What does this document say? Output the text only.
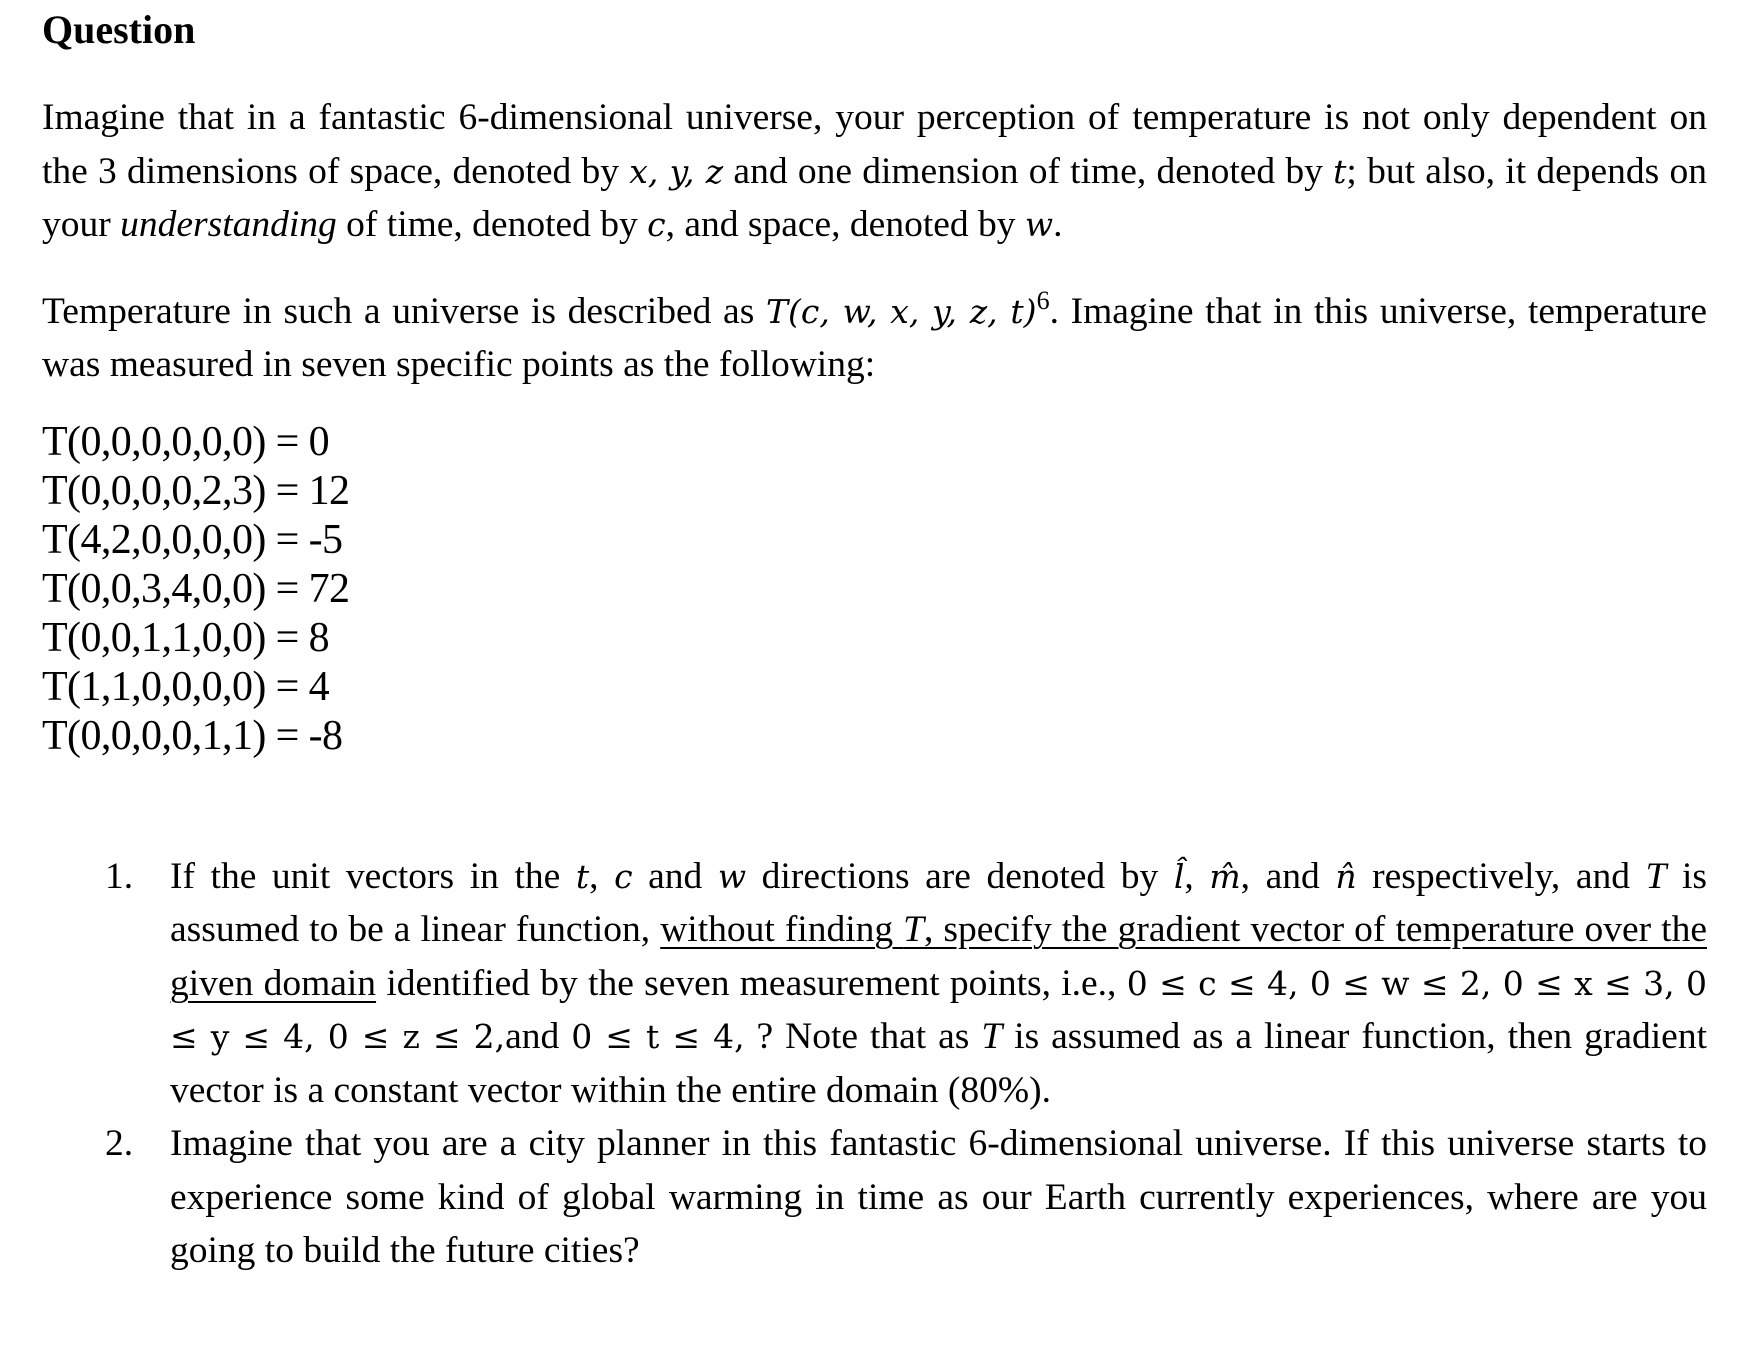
Question

Imagine that in a fantastic 6-dimensional universe, your perception of temperature is not only dependent on the 3 dimensions of space, denoted by x, y, z and one dimension of time, denoted by t; but also, it depends on your understanding of time, denoted by c, and space, denoted by w.

Temperature in such a universe is described as T(c, w, x, y, z, t)$^6$. Imagine that in this universe, temperature was measured in seven specific points as the following:

T(0,0,0,0,0,0) = 0
T(0,0,0,0,2,3) = 12
T(4,2,0,0,0,0) = -5
T(0,0,3,4,0,0) = 72
T(0,0,1,1,0,0) = 8
T(1,1,0,0,0,0) = 4
T(0,0,0,0,1,1) = -8
1. If the unit vectors in the t, c and w directions are denoted by l̂, m̂, and n̂ respectively, and T is assumed to be a linear function, without finding T, specify the gradient vector of temperature over the given domain identified by the seven measurement points, i.e., 0 ≤ c ≤ 4, 0 ≤ w ≤ 2, 0 ≤ x ≤ 3, 0 ≤ y ≤ 4, 0 ≤ z ≤ 2,and 0 ≤ t ≤ 4, ? Note that as T is assumed as a linear function, then gradient vector is a constant vector within the entire domain (80%).

2. Imagine that you are a city planner in this fantastic 6-dimensional universe. If this universe starts to experience some kind of global warming in time as our Earth currently experiences, where are you going to build the future cities?
